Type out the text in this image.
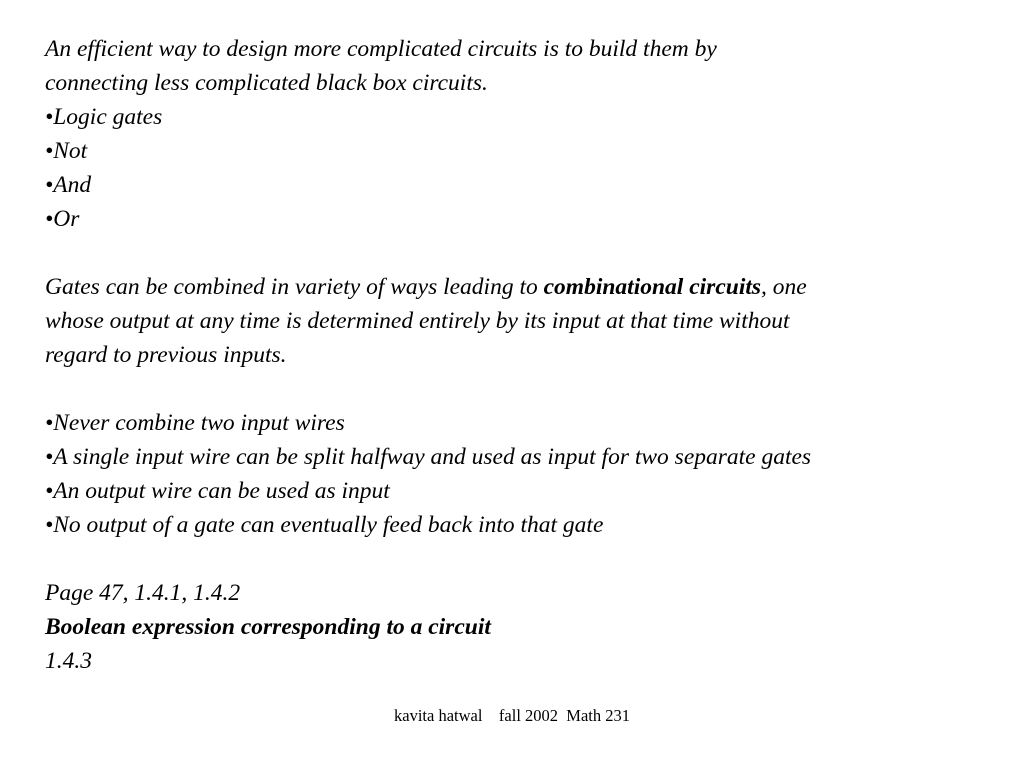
An efficient way to design more complicated circuits is to build them by
connecting less complicated black box circuits.
•Logic gates
•Not
•And
•Or
Gates can be combined in variety of ways leading to combinational circuits, one
whose output at any time is determined entirely by its input at that time without
regard to previous inputs.
•Never combine two input wires
•A single input wire can be split halfway and used as input for two separate gates
•An output wire can be used as input
•No output of a gate can eventually feed back into that gate
Page 47, 1.4.1, 1.4.2
Boolean expression corresponding to a circuit
1.4.3
kavita hatwal    fall 2002  Math 231
